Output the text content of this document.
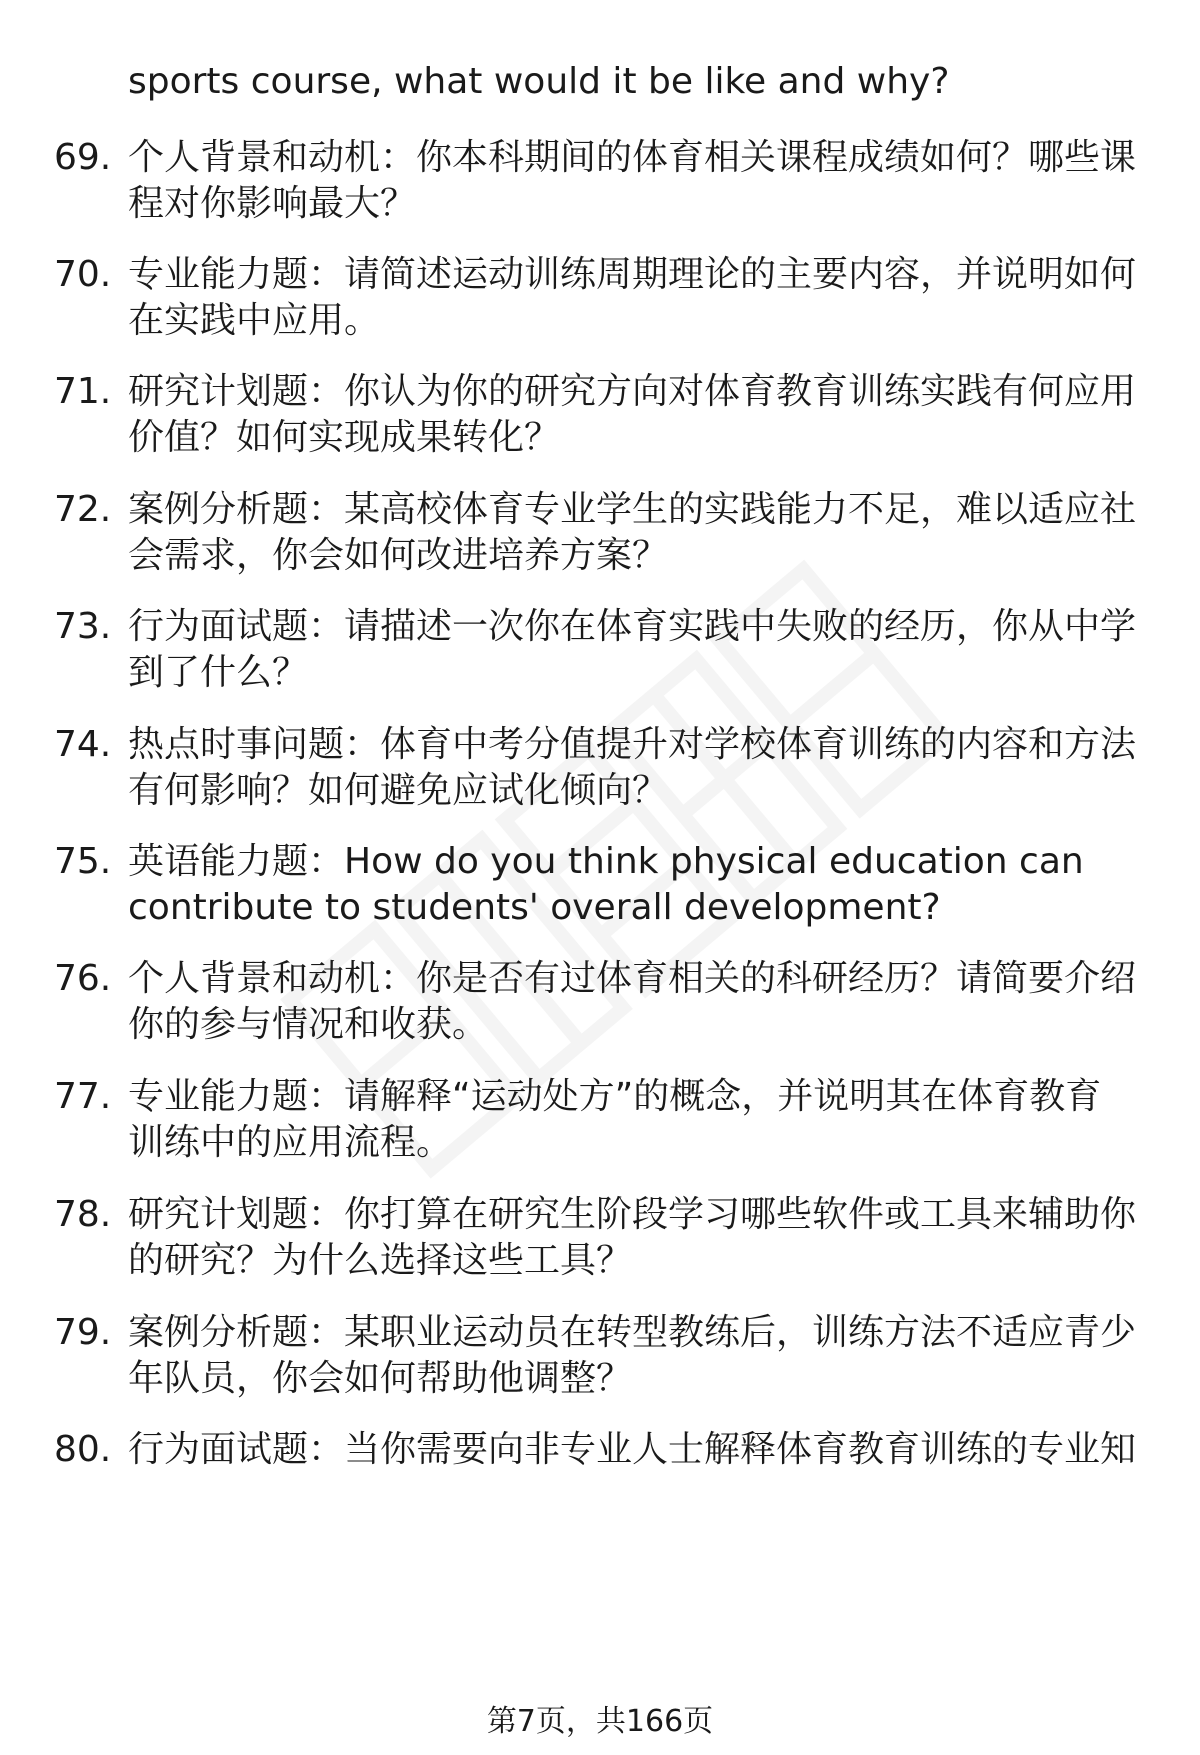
sports course, what would it be like and why?
69. 个人背景和动机：你本科期间的体育相关课程成绩如何？哪些课
程对你影响最大？
70. 专业能力题：请简述运动训练周期理论的主要内容，并说明如何
在实践中应用。
71. 研究计划题：你认为你的研究方向对体育教育训练实践有何应用
价值？如何实现成果转化？
72. 案例分析题：某高校体育专业学生的实践能力不足，难以适应社
会需求，你会如何改进培养方案？
73. 行为面试题：请描述一次你在体育实践中失败的经历，你从中学
到了什么？
74. 热点时事问题：体育中考分值提升对学校体育训练的内容和方法
有何影响？如何避免应试化倾向？
75. 英语能力题：How do you think physical education can
contribute to students' overall development?
76. 个人背景和动机：你是否有过体育相关的科研经历？请简要介绍
你的参与情况和收获。
77. 专业能力题：请解释“运动处方”的概念，并说明其在体育教育
训练中的应用流程。
78. 研究计划题：你打算在研究生阶段学习哪些软件或工具来辅助你
的研究？为什么选择这些工具？
79. 案例分析题：某职业运动员在转型教练后，训练方法不适应青少
年队员，你会如何帮助他调整？
80. 行为面试题：当你需要向非专业人士解释体育教育训练的专业知
第7页，共166页
